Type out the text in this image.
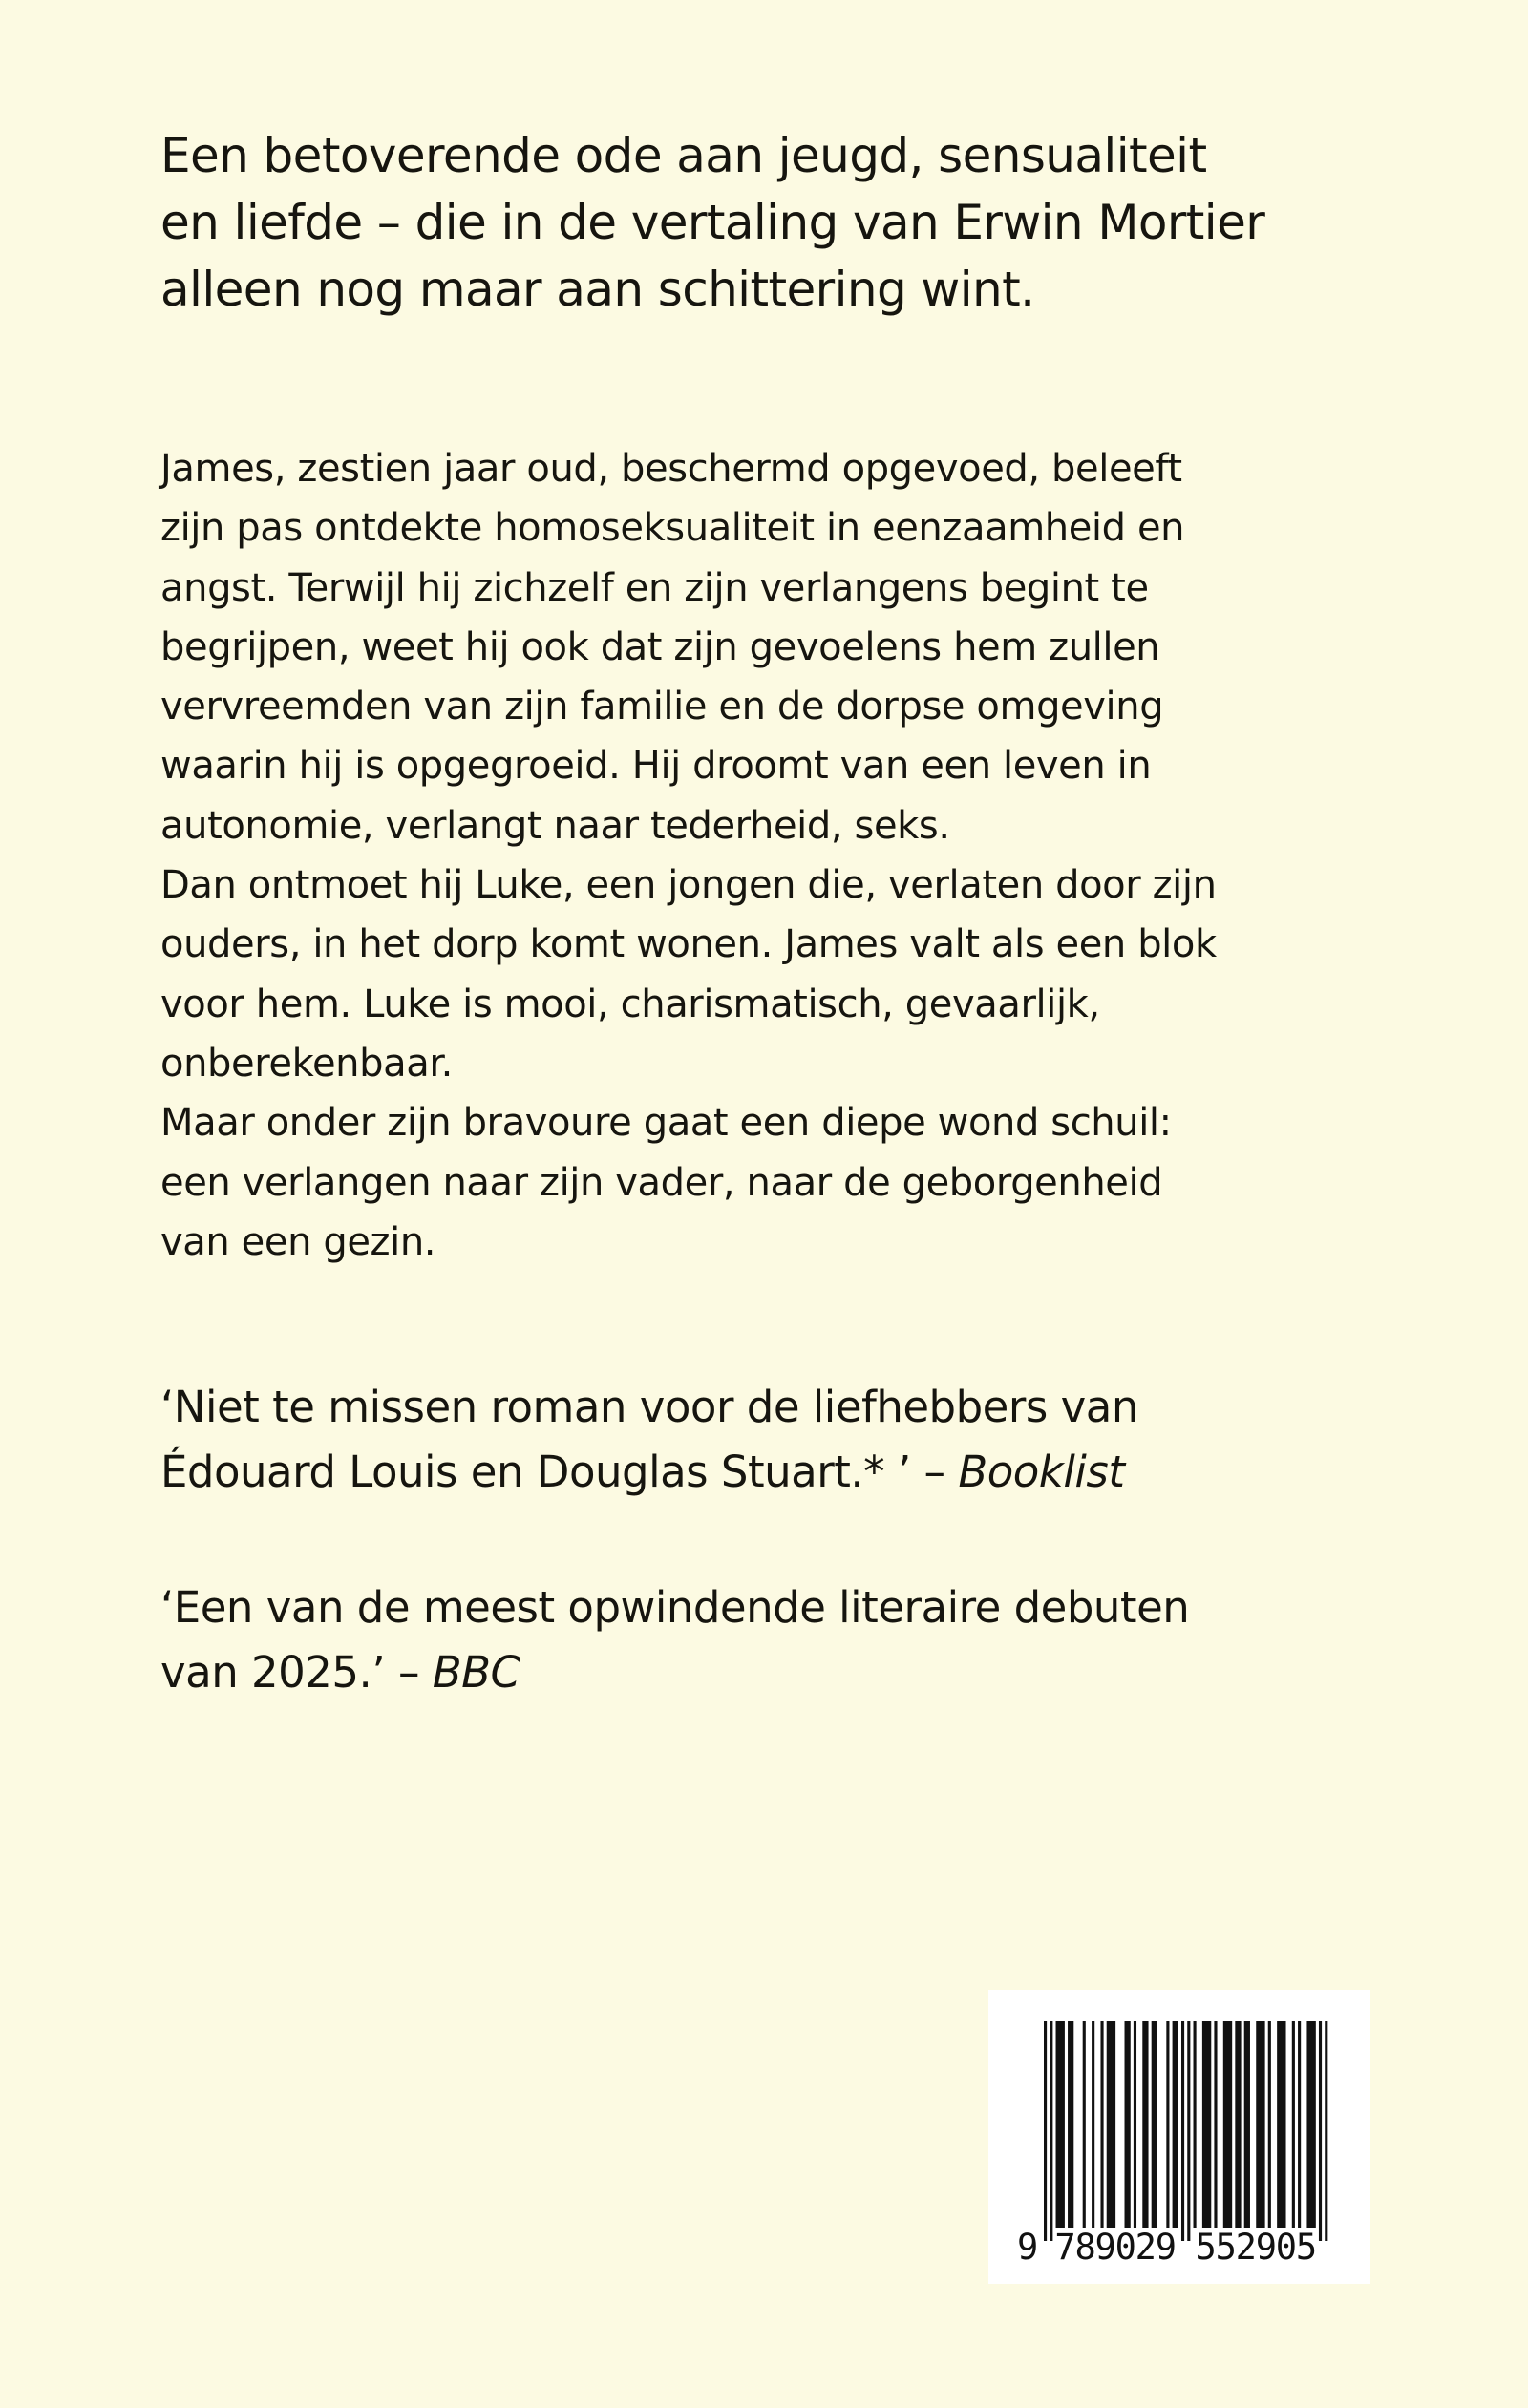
Een betoverende ode aan jeugd, sensualiteit
en liefde – die in de vertaling van Erwin Mortier
alleen nog maar aan schittering wint.
James, zestien jaar oud, beschermd opgevoed, beleeft
zijn pas ontdekte homoseksualiteit in eenzaamheid en
angst. Terwijl hij zichzelf en zijn verlangens begint te
begrijpen, weet hij ook dat zijn gevoelens hem zullen
vervreemden van zijn familie en de dorpse omgeving
waarin hij is opgegroeid. Hij droomt van een leven in
autonomie, verlangt naar tederheid, seks.
Dan ontmoet hij Luke, een jongen die, verlaten door zijn
ouders, in het dorp komt wonen. James valt als een blok
voor hem. Luke is mooi, charismatisch, gevaarlijk,
onberekenbaar.
Maar onder zijn bravoure gaat een diepe wond schuil:
een verlangen naar zijn vader, naar de geborgenheid
van een gezin.
‘Niet te missen roman voor de liefhebbers van
Édouard Louis en Douglas Stuart.* ’ – Booklist
‘Een van de meest opwindende literaire debuten
van 2025.’ – BBC
9 789029 552905
